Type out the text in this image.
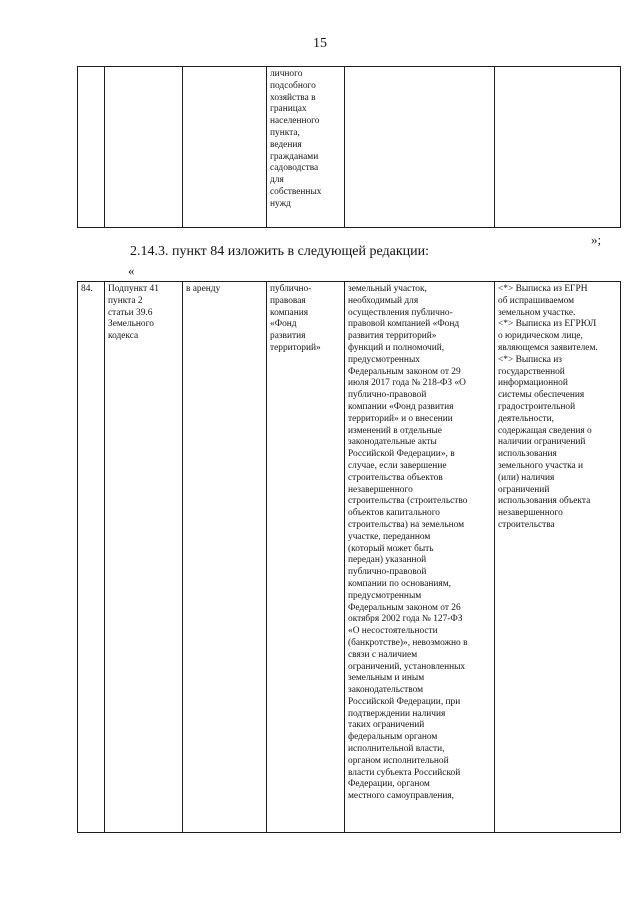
15
			личного
подсобного
хозяйства в
границах
населенного
пункта,
ведения
гражданами
садоводства
для
собственных
нужд		
»;
2.14.3. пункт 84 изложить в следующей редакции:
«
84.	Подпункт 41
пункта 2
статьи 39.6
Земельного
кодекса	в аренду	публично-
правовая
компания
«Фонд
развития
территорий»	земельный участок,
необходимый для
осуществления публично-
правовой компанией «Фонд
развития территорий»
функций и полномочий,
предусмотренных
Федеральным законом от 29
июля 2017 года № 218-ФЗ «О
публично-правовой
компании «Фонд развития
территорий» и о внесении
изменений в отдельные
законодательные акты
Российской Федерации», в
случае, если завершение
строительства объектов
незавершенного
строительства (строительство
объектов капитального
строительства) на земельном
участке, переданном
(который может быть
передан) указанной
публично-правовой
компании по основаниям,
предусмотренным
Федеральным законом от 26
октября 2002 года № 127-ФЗ
«О несостоятельности
(банкротстве)», невозможно в
связи с наличием
ограничений, установленных
земельным и иным
законодательством
Российской Федерации, при
подтверждении наличия
таких ограничений
федеральным органом
исполнительной власти,
органом исполнительной
власти субъекта Российской
Федерации, органом
местного самоуправления,	<*> Выписка из ЕГРН
об испрашиваемом
земельном участке.
<*> Выписка из ЕГРЮЛ
о юридическом лице,
являющемся заявителем.
<*> Выписка из
государственной
информационной
системы обеспечения
градостроительной
деятельности,
содержащая сведения о
наличии ограничений
использования
земельного участка и
(или) наличия
ограничений
использования объекта
незавершенного
строительства
